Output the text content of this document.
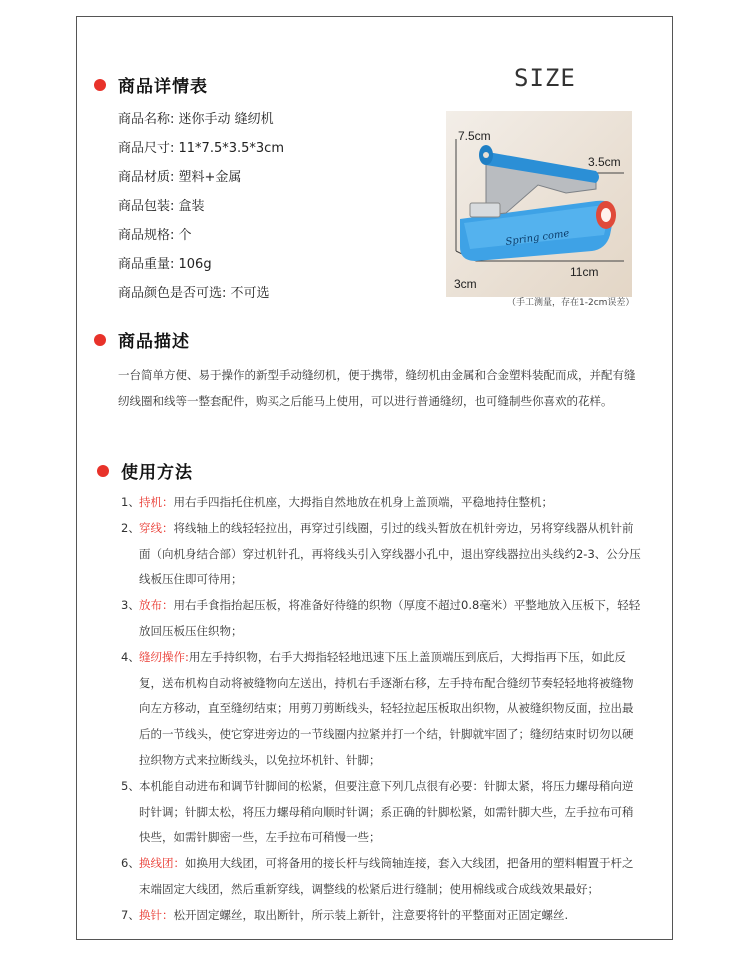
商品详情表
商品名称: 迷你手动 缝纫机
商品尺寸: 11*7.5*3.5*3cm
商品材质: 塑料+金属
商品包装: 盒装
商品规格: 个
商品重量: 106g
商品颜色是否可选: 不可选
SIZE
Spring come
7.5cm
3.5cm
3cm
11cm
（手工测量，存在1-2cm误差）
商品描述

一台简单方便、易于操作的新型手动缝纫机，便于携带，缝纫机由金属和合金塑料装配而成，并配有缝纫线圈和线等一整套配件，购买之后能马上使用，可以进行普通缝纫，也可缝制些你喜欢的花样。

使用方法
1、 持机：用右手四指托住机座，大拇指自然地放在机身上盖顶端，平稳地持住整机；
2、 穿线：将线轴上的线轻轻拉出，再穿过引线圈，引过的线头暂放在机针旁边，另将穿线器从机针前面（向机身结合部）穿过机针孔，再将线头引入穿线器小孔中，退出穿线器拉出头线约2-3、公分压线板压住即可待用；
3、 放布：用右手食指抬起压板，将准备好待缝的织物（厚度不超过0.8毫米）平整地放入压板下，轻轻放回压板压住织物；
4、 缝纫操作:用左手持织物，右手大拇指轻轻地迅速下压上盖顶端压到底后，大拇指再下压，如此反复，送布机构自动将被缝物向左送出，持机右手逐渐右移，左手持布配合缝纫节奏轻轻地将被缝物向左方移动，直至缝纫结束；用剪刀剪断线头，轻轻拉起压板取出织物，从被缝织物反面，拉出最后的一节线头，使它穿进旁边的一节线圈内拉紧并打一个结，针脚就牢固了；缝纫结束时切勿以硬拉织物方式来拉断线头，以免拉坏机针、针脚；
5、 本机能自动进布和调节针脚间的松紧，但要注意下列几点很有必要：针脚太紧，将压力螺母稍向逆时针调；针脚太松，将压力螺母稍向顺时针调；系正确的针脚松紧，如需针脚大些，左手拉布可稍快些，如需针脚密一些，左手拉布可稍慢一些；
6、 换线团：如换用大线团，可将备用的接长杆与线筒轴连接，套入大线团，把备用的塑料帽置于杆之末端固定大线团，然后重新穿线，调整线的松紧后进行缝制；使用棉线或合成线效果最好；
7、 换针：松开固定螺丝，取出断针，所示装上新针，注意要将针的平整面对正固定螺丝.
